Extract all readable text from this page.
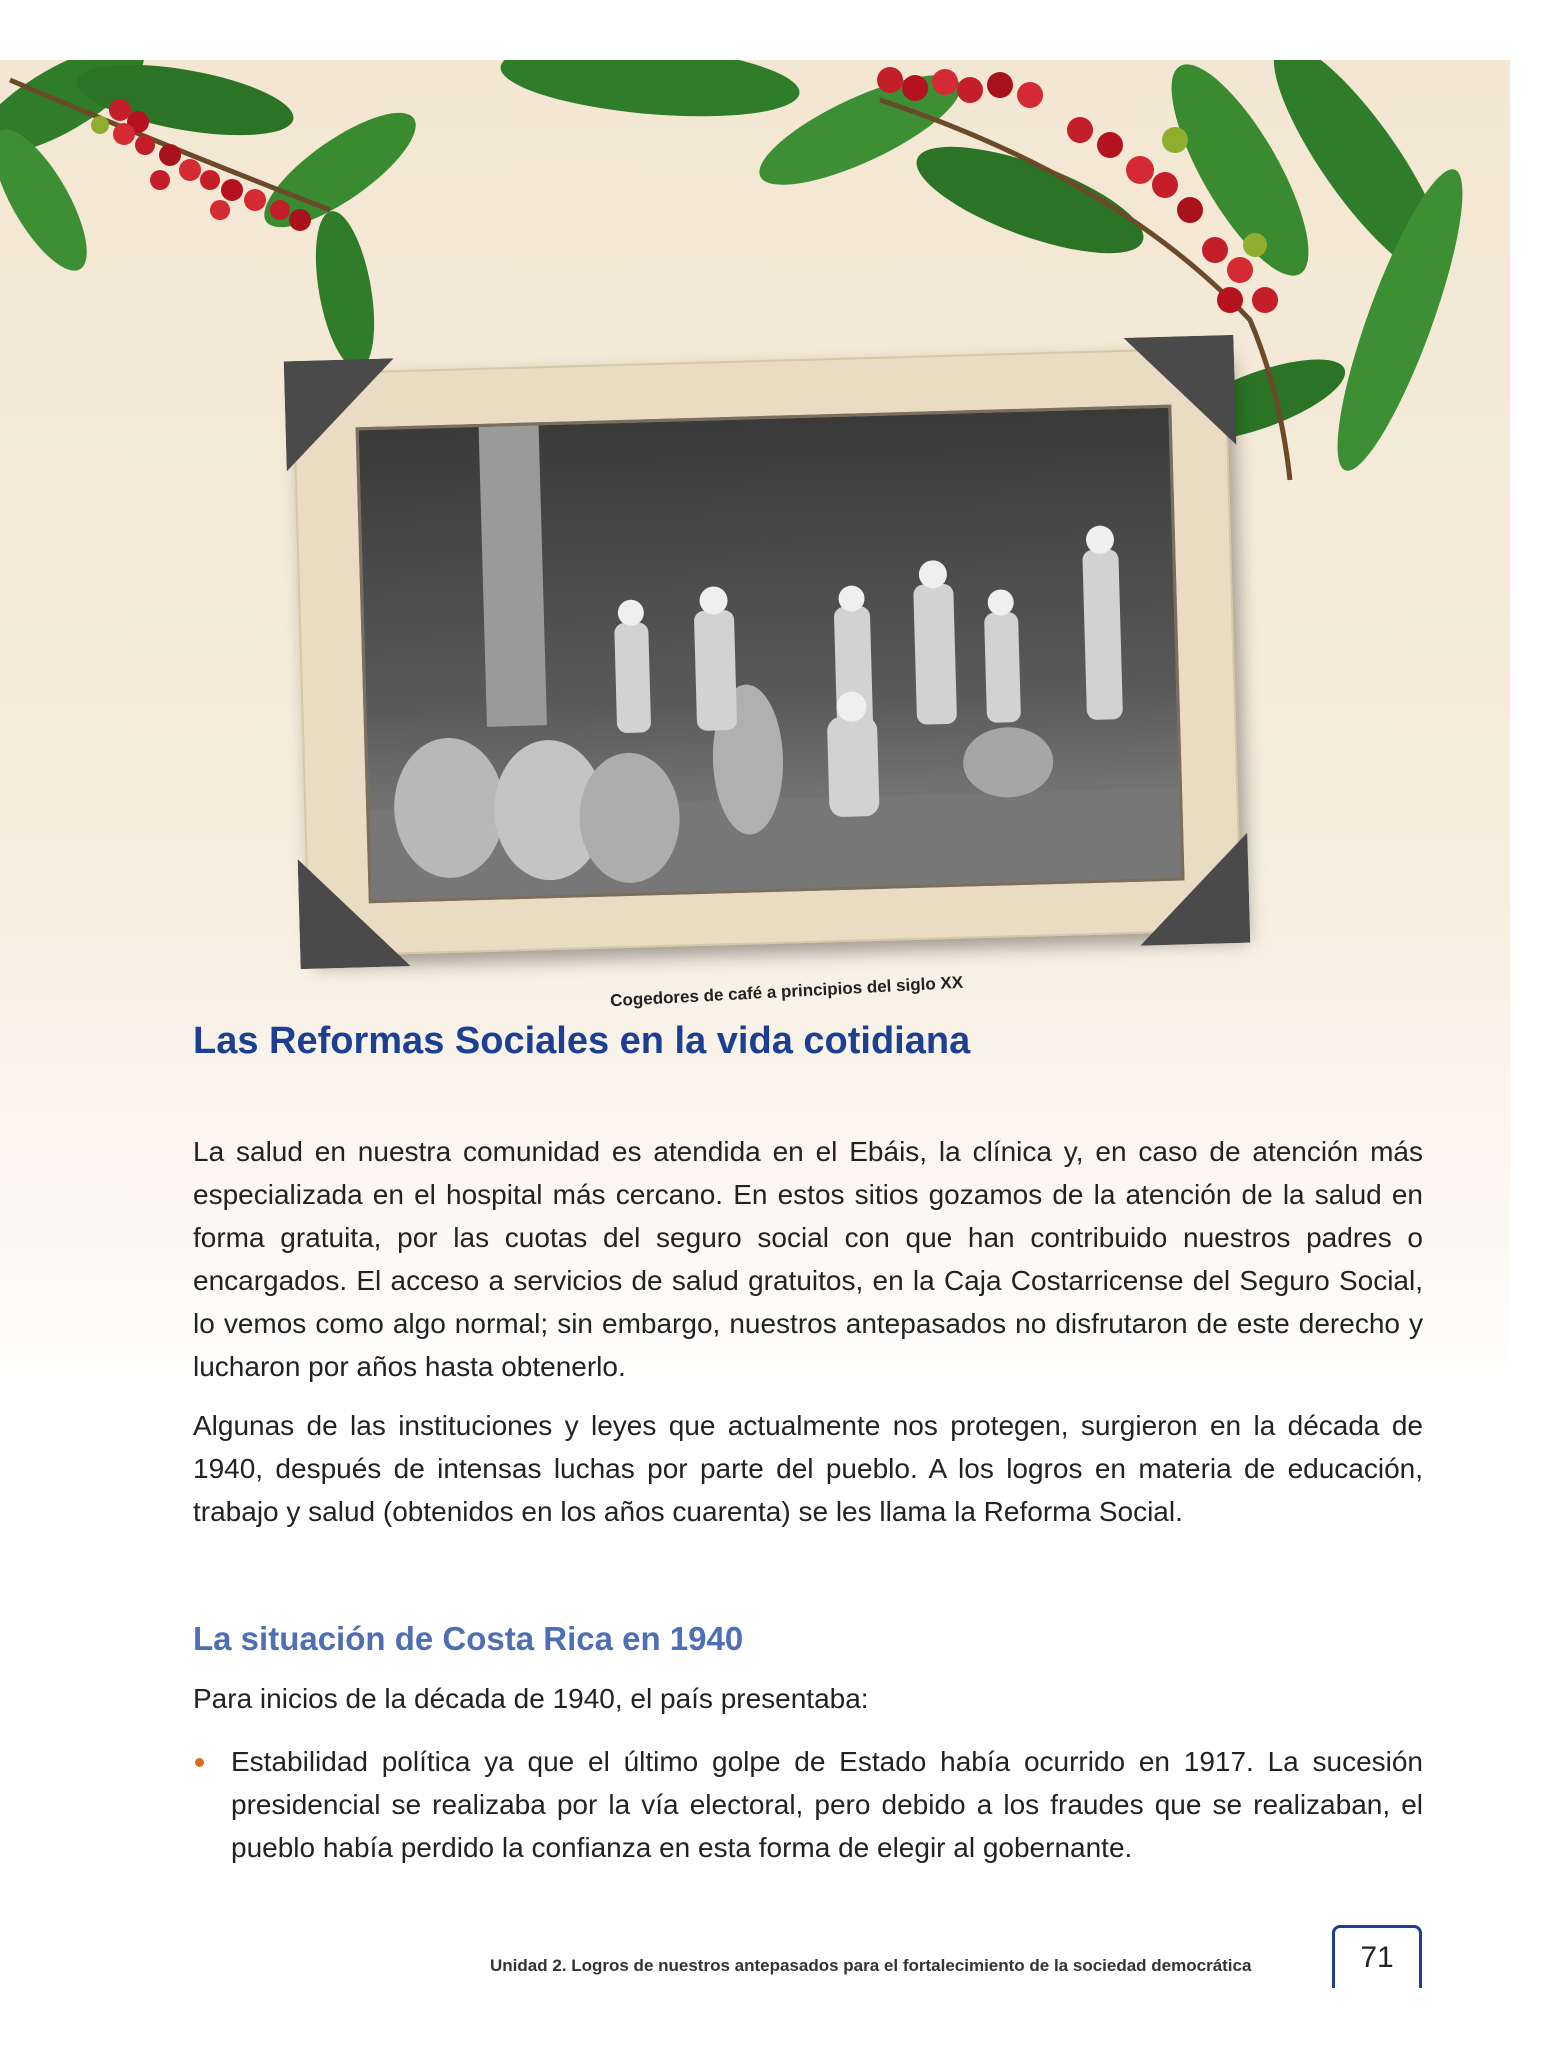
Cogedores de café a principios del siglo XX
Las Reformas Sociales en la vida cotidiana

La salud en nuestra comunidad es atendida en el Ebáis, la clínica y, en caso de atención más especializada en el hospital más cercano. En estos sitios gozamos de la atención de la salud en forma gratuita, por las cuotas del seguro social con que han contribuido nuestros padres o encargados. El acceso a servicios de salud gratuitos, en la Caja Costarricense del Seguro Social, lo vemos como algo normal; sin embargo, nuestros antepasados no disfrutaron de este derecho y lucharon por años hasta obtenerlo.

Algunas de las instituciones y leyes que actualmente nos protegen, surgieron en la década de 1940, después de intensas luchas por parte del pueblo. A los logros en materia de educación, trabajo y salud (obtenidos en los años cuarenta) se les llama la Reforma Social.

La situación de Costa Rica en 1940

Para inicios de la década de 1940, el país presentaba:

Estabilidad política ya que el último golpe de Estado había ocurrido en 1917. La sucesión presidencial se realizaba por la vía electoral, pero debido a los fraudes que se realizaban, el pueblo había perdido la confianza en esta forma de elegir al gobernante.
Unidad 2. Logros de nuestros antepasados para el fortalecimiento de la sociedad democrática	71
